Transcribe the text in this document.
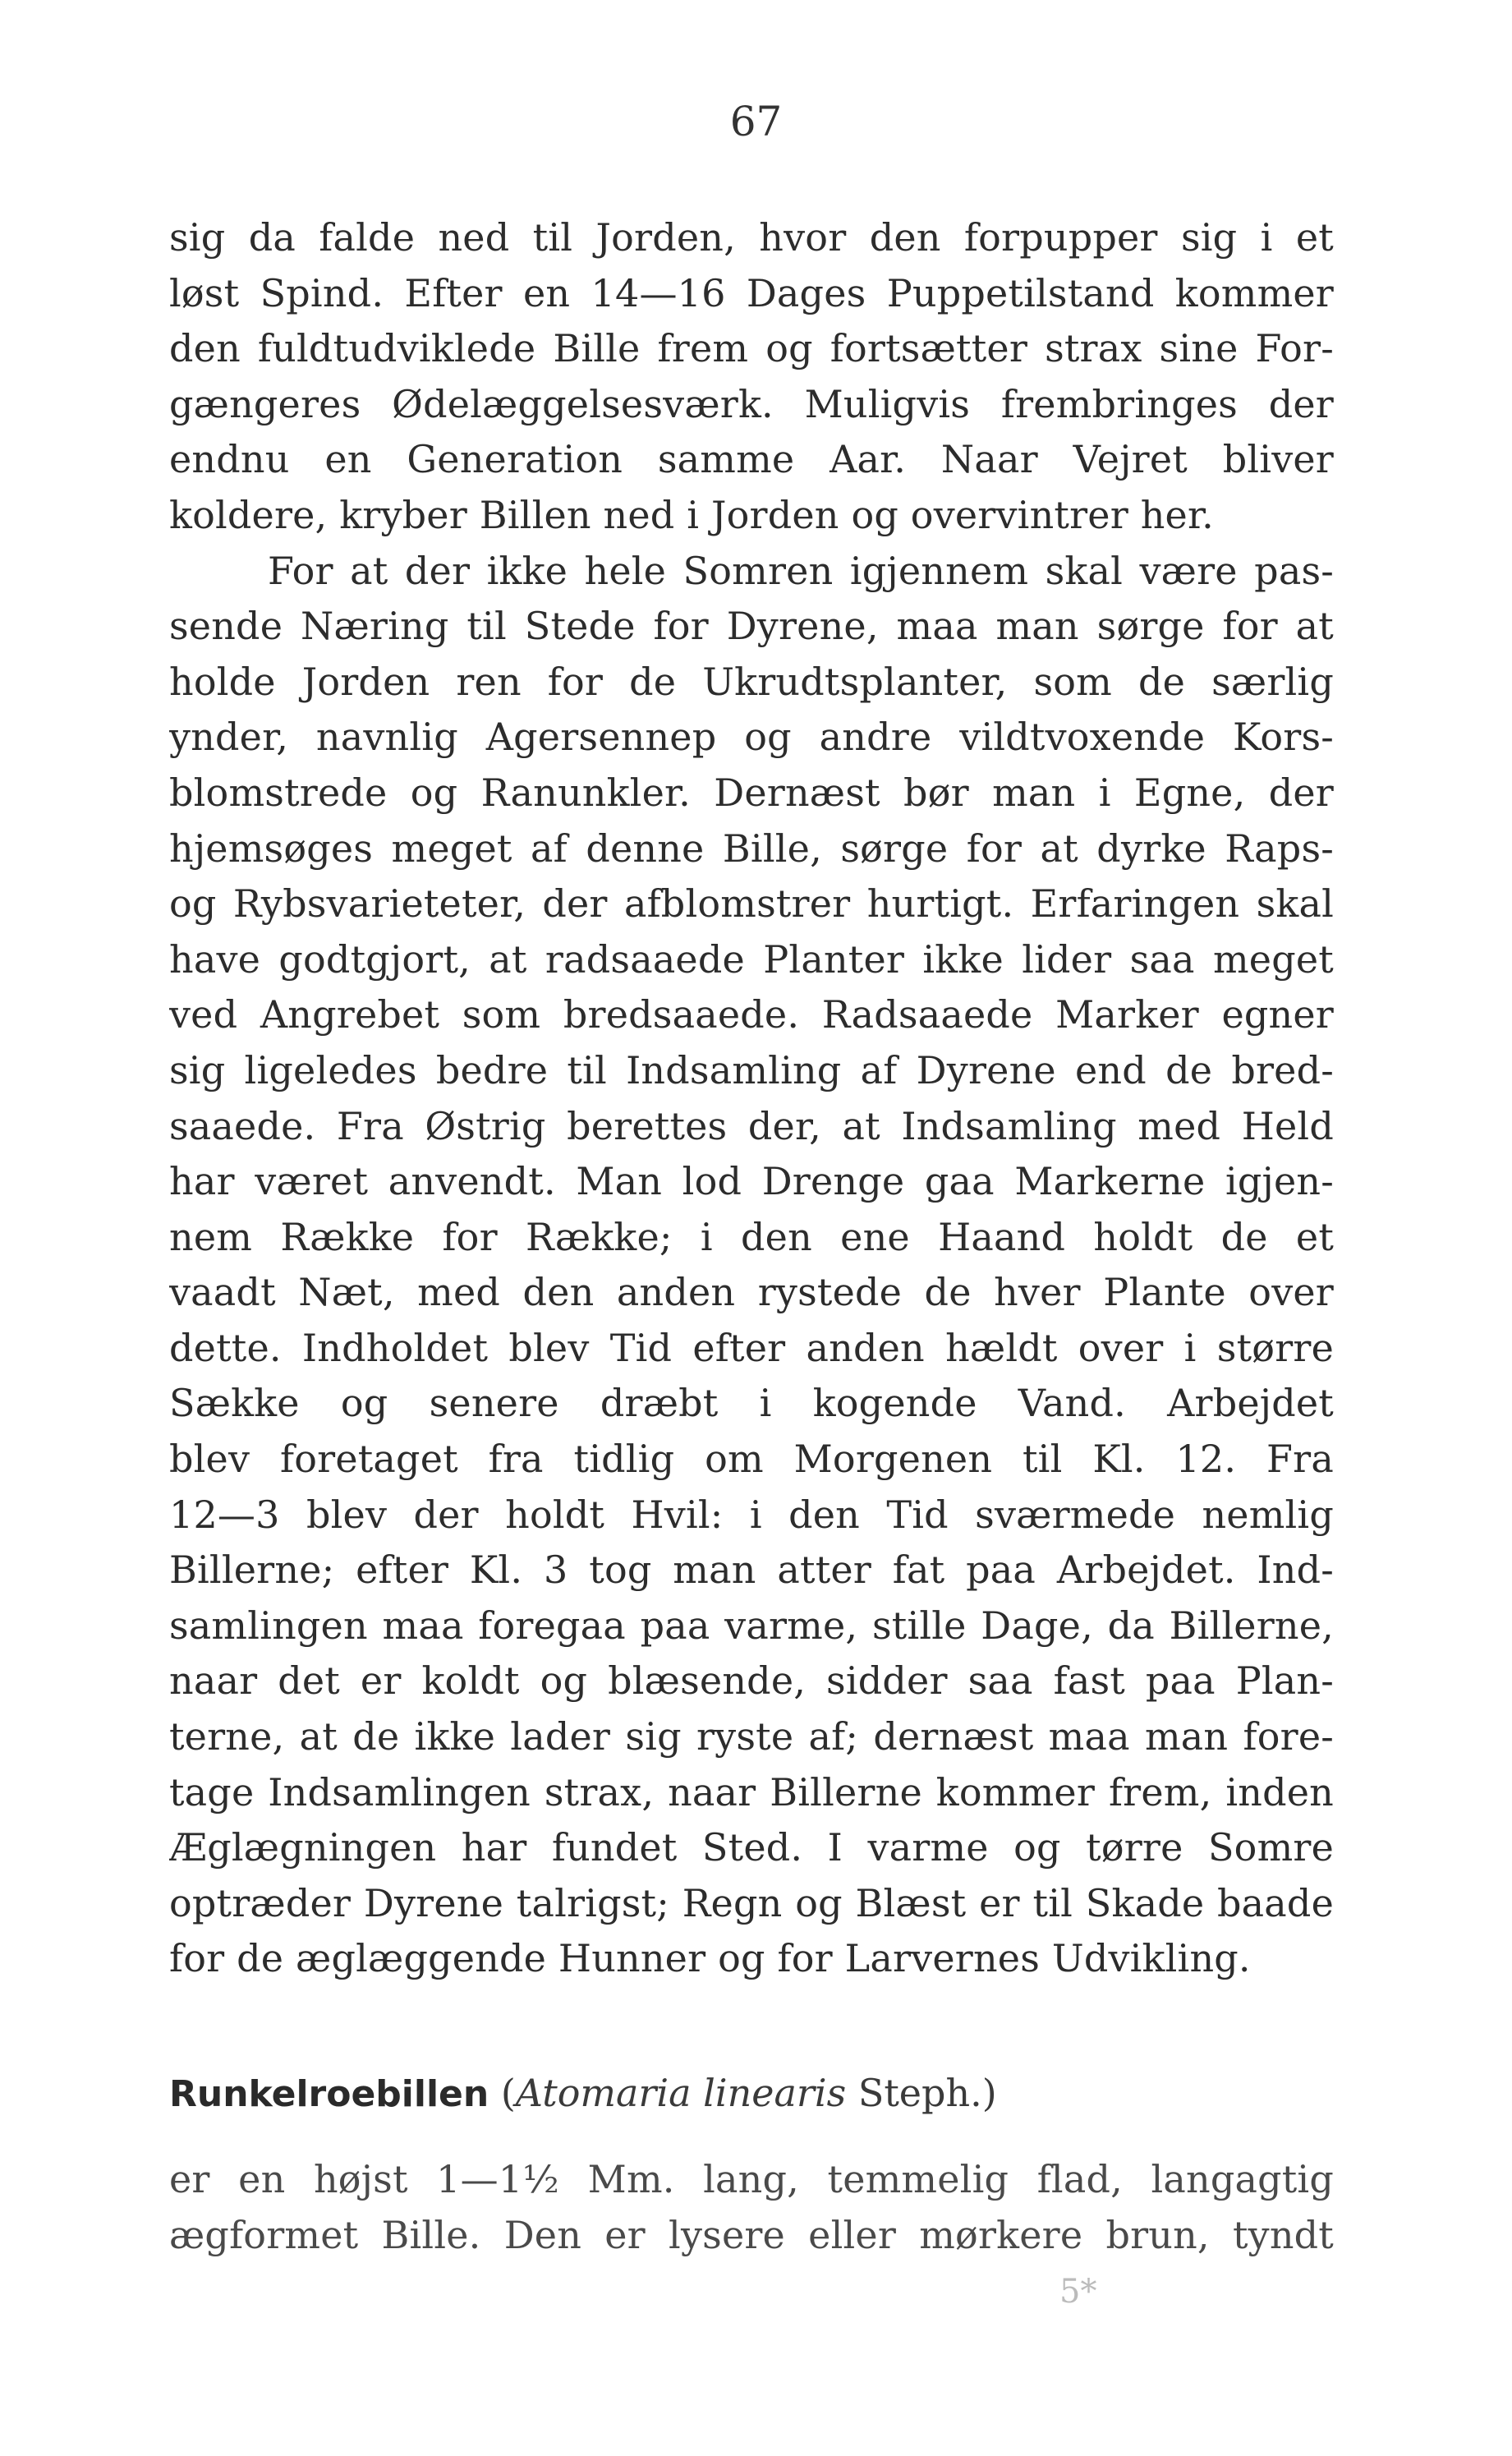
67
sig da falde ned til Jorden, hvor den forpupper sig i et
løst Spind. Efter en 14—16 Dages Puppetilstand kommer
den fuldtudviklede Bille frem og fortsætter strax sine For-
gængeres Ødelæggelsesværk. Muligvis frembringes der
endnu en Generation samme Aar. Naar Vejret bliver
koldere, kryber Billen ned i Jorden og overvintrer her.
For at der ikke hele Somren igjennem skal være pas-
sende Næring til Stede for Dyrene, maa man sørge for at
holde Jorden ren for de Ukrudtsplanter, som de særlig
ynder, navnlig Agersennep og andre vildtvoxende Kors-
blomstrede og Ranunkler. Dernæst bør man i Egne, der
hjemsøges meget af denne Bille, sørge for at dyrke Raps-
og Rybsvarieteter, der afblomstrer hurtigt. Erfaringen skal
have godtgjort, at radsaaede Planter ikke lider saa meget
ved Angrebet som bredsaaede. Radsaaede Marker egner
sig ligeledes bedre til Indsamling af Dyrene end de bred-
saaede. Fra Østrig berettes der, at Indsamling med Held
har været anvendt. Man lod Drenge gaa Markerne igjen-
nem Række for Række; i den ene Haand holdt de et
vaadt Næt, med den anden rystede de hver Plante over
dette. Indholdet blev Tid efter anden hældt over i større
Sække og senere dræbt i kogende Vand. Arbejdet
blev foretaget fra tidlig om Morgenen til Kl. 12. Fra
12—3 blev der holdt Hvil: i den Tid sværmede nemlig
Billerne; efter Kl. 3 tog man atter fat paa Arbejdet. Ind-
samlingen maa foregaa paa varme, stille Dage, da Billerne,
naar det er koldt og blæsende, sidder saa fast paa Plan-
terne, at de ikke lader sig ryste af; dernæst maa man fore-
tage Indsamlingen strax, naar Billerne kommer frem, inden
Æglægningen har fundet Sted. I varme og tørre Somre
optræder Dyrene talrigst; Regn og Blæst er til Skade baade
for de æglæggende Hunner og for Larvernes Udvikling.
Runkelroebillen (Atomaria linearis Steph.)
er en højst 1—1½ Mm. lang, temmelig flad, langagtig
ægformet Bille. Den er lysere eller mørkere brun, tyndt
5*
